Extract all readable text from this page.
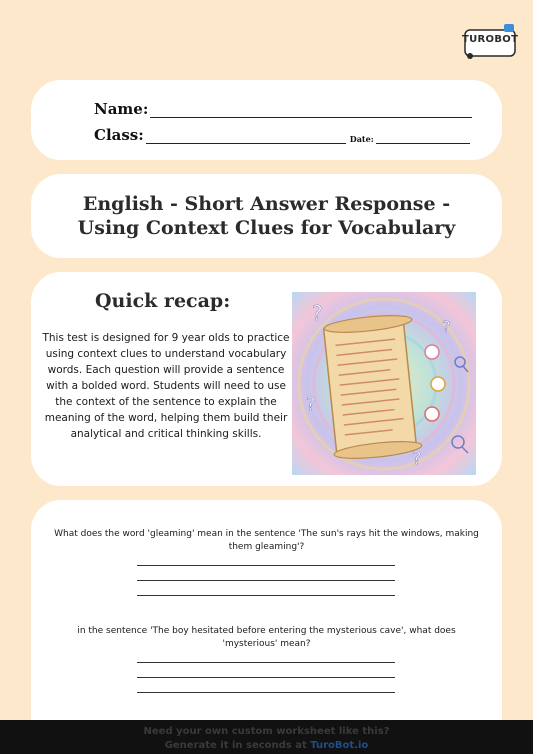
TUROBOT
Name:
Class:	Date:
English - Short Answer Response - Using Context Clues for Vocabulary
Quick recap:
This test is designed for 9 year olds to practice using context clues to understand vocabulary words. Each question will provide a sentence with a bolded word. Students will need to use the context of the sentence to explain the meaning of the word, helping them build their analytical and critical thinking skills.
?
?
?
?
What does the word 'gleaming' mean in the sentence 'The sun's rays hit the windows, making them gleaming'?
in the sentence 'The boy hesitated before entering the mysterious cave', what does 'mysterious' mean?
Need your own custom worksheet like this?
Generate it in seconds at TuroBot.io
